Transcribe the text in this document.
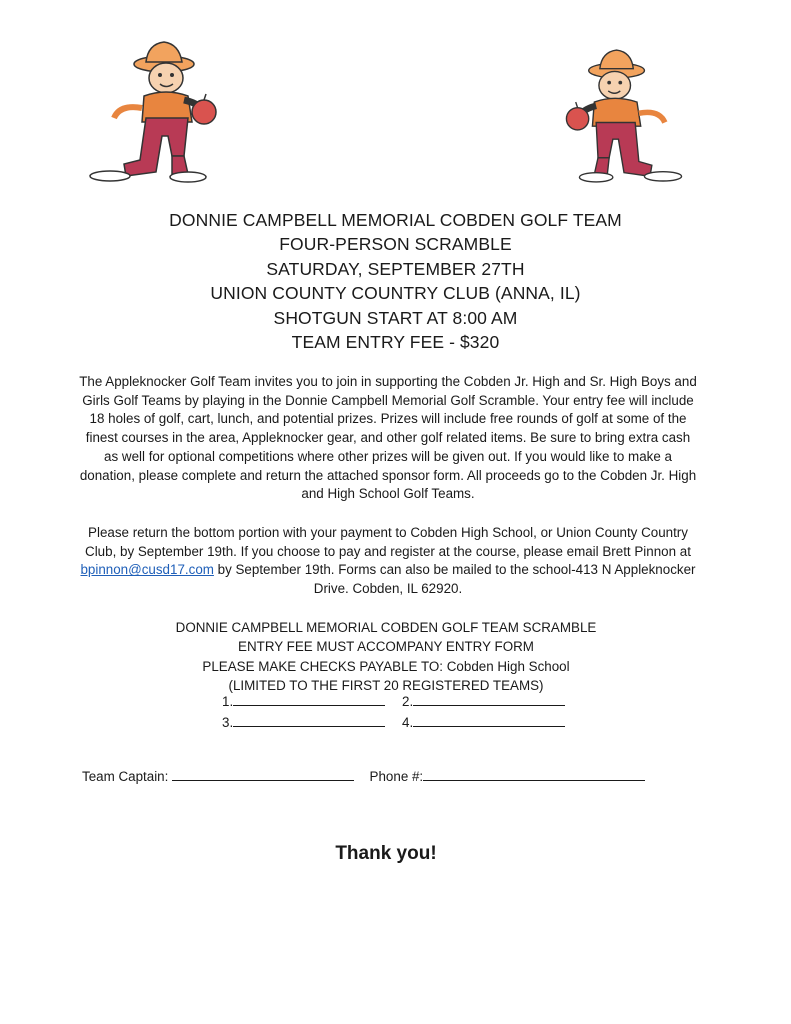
DONNIE CAMPBELL MEMORIAL COBDEN GOLF TEAM
FOUR-PERSON SCRAMBLE
SATURDAY, SEPTEMBER 27TH
UNION COUNTY COUNTRY CLUB (ANNA, IL)
SHOTGUN START AT 8:00 AM
TEAM ENTRY FEE - $320
The Appleknocker Golf Team invites you to join in supporting the Cobden Jr. High and Sr. High Boys and Girls Golf Teams by playing in the Donnie Campbell Memorial Golf Scramble. Your entry fee will include 18 holes of golf, cart, lunch, and potential prizes. Prizes will include free rounds of golf at some of the finest courses in the area, Appleknocker gear, and other golf related items. Be sure to bring extra cash as well for optional competitions where other prizes will be given out. If you would like to make a donation, please complete and return the attached sponsor form. All proceeds go to the Cobden Jr. High and High School Golf Teams.
Please return the bottom portion with your payment to Cobden High School, or Union County Country Club, by September 19th. If you choose to pay and register at the course, please email Brett Pinnon at bpinnon@cusd17.com by September 19th. Forms can also be mailed to the school-413 N Appleknocker Drive. Cobden, IL 62920.
DONNIE CAMPBELL MEMORIAL COBDEN GOLF TEAM SCRAMBLE
ENTRY FEE MUST ACCOMPANY ENTRY FORM
PLEASE MAKE CHECKS PAYABLE TO: Cobden High School
(LIMITED TO THE FIRST 20 REGISTERED TEAMS)
1.	2.
3.	4.
Team Captain:	Phone #:
Thank you!
